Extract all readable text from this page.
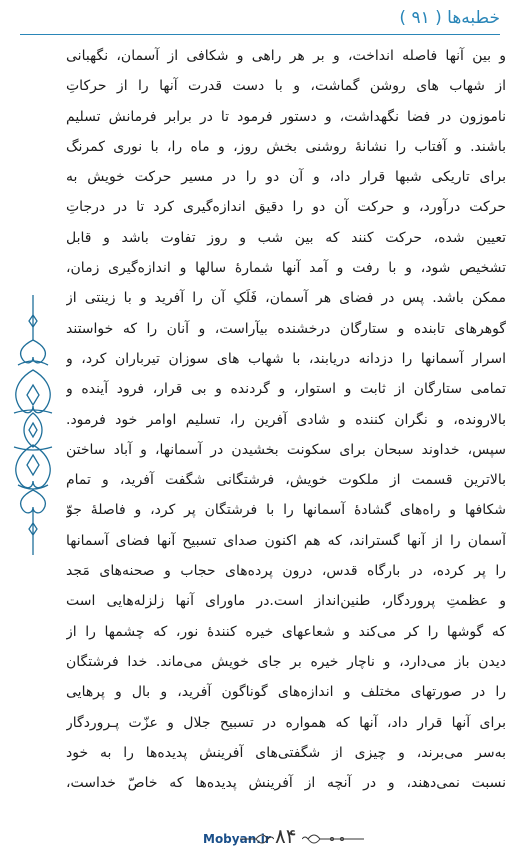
خطبه‌ها ( ۹۱ )
و بین آنها فاصله انداخت، و بر هر راهی و شکافی از آسمان، نگهبانی
از شهاب های روشن گماشت، و با دست قدرت آنها را از حرکاتِ
ناموزون در فضا نگهداشت، و دستور فرمود تا در برابر فرمانش تسلیم
باشند. و آفتاب را نشانهٔ روشنی بخش روز، و ماه را، با نوری کمرنگ
برای تاریکی شبها قرار داد، و آن دو را در مسیر حرکت خویش به
حرکت درآورد، و حرکت آن دو را دقیق اندازه‌گیری کرد تا در درجاتِ
تعیین شده، حرکت کنند که بین شب و روز تفاوت باشد و قابل
تشخیص شود، و با رفت و آمد آنها شمارهٔ سالها و اندازه‌گیری زمان،
ممکن باشد. پس در فضای هر آسمان، فَلَکِ آن را آفرید و با زینتی از
گوهرهای تابنده و ستارگان درخشنده بیآراست، و آنان را که خواستند
اسرار آسمانها را دزدانه دریابند، با شهاب های سوزان تیرباران کرد، و
تمامی ستارگان از ثابت و استوار، و گردنده و بی قرار، فرود آینده و
بالارونده، و نگران کننده و شادی آفرین را، تسلیم اوامر خود فرمود.
سپس، خداوند سبحان برای سکونت بخشیدن در آسمانها، و آباد ساختن
بالاترین قسمت از ملکوت خویش، فرشتگانی شگفت آفرید، و تمام
شکافها و راه‌های گشادهٔ آسمانها را با فرشتگان پر کرد، و فاصلهٔ جوّ
آسمان را از آنها گستراند، که هم اکنون صدای تسبیح آنها فضای آسمانها
را پر کرده، در بارگاه قدس، درون پرده‌های حجاب و صحنه‌های مَجد
و عظمتِ پروردگار، طنین‌انداز است.در ماورای آنها زلزله‌هایی است
که گوشها را کر می‌کند و شعاعهای خیره کنندهٔ نور، که چشمها را از
دیدن باز می‌دارد، و ناچار خیره بر جای خویش می‌ماند. خدا فرشتگان
را در صورتهای مختلف و اندازه‌های گوناگون آفرید، و بال و پرهایی
برای آنها قرار داد، آنها که همواره در تسبیح جلال و عزّت پـروردگار
به‌سر می‌برند، و چیزی از شگفتی‌های آفرینش پدیده‌ها را به خود
نسبت نمی‌دهند، و در آنچه از آفرینش پدیده‌ها که خاصّ خداست،
Mobyan.ir ۸۴
